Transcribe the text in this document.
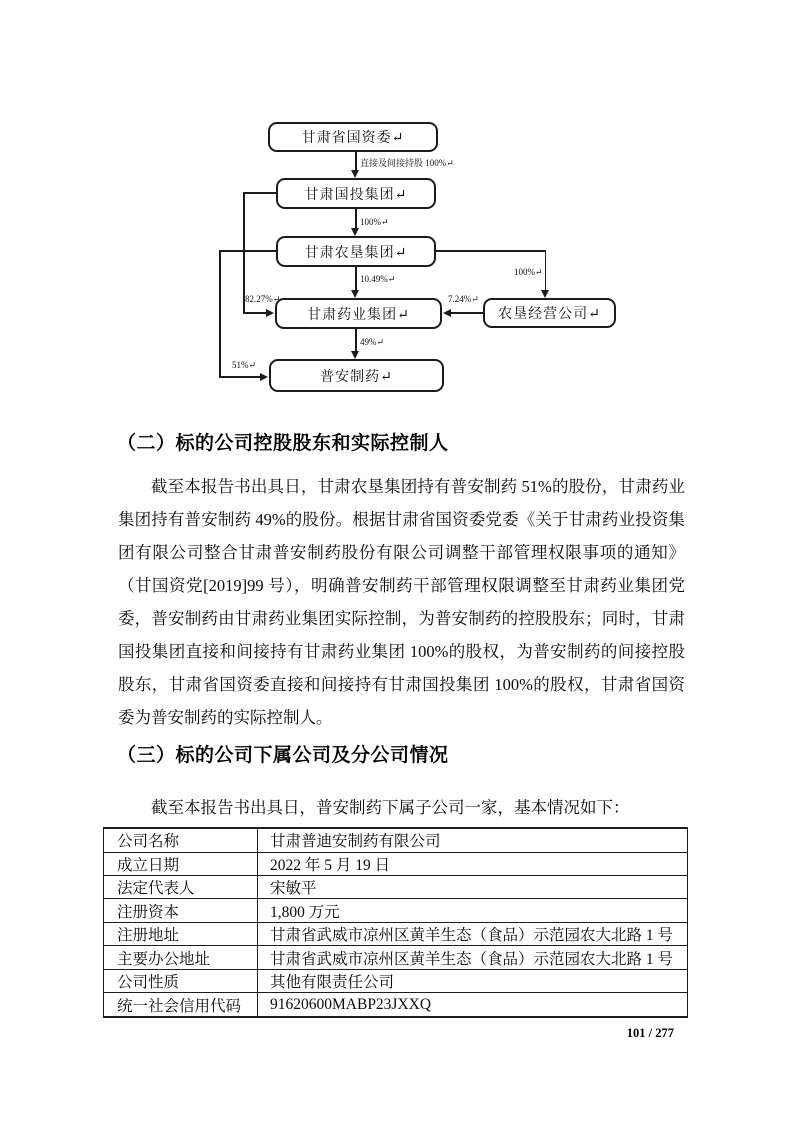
甘肃省国资委↵
甘肃国投集团↵
甘肃农垦集团↵
甘肃药业集团↵	农垦经营公司↵
普安制药↵
直接及间接持股 100%↵
100%↵
10.49%↵
49%↵
82.27%↵
51%↵
100%↵
7.24%↵
（二）标的公司控股股东和实际控制人
截至本报告书出具日，甘肃农垦集团持有普安制药 51%的股份，甘肃药业集团持有普安制药 49%的股份。根据甘肃省国资委党委《关于甘肃药业投资集团有限公司整合甘肃普安制药股份有限公司调整干部管理权限事项的通知》（甘国资党[2019]99 号），明确普安制药干部管理权限调整至甘肃药业集团党委，普安制药由甘肃药业集团实际控制，为普安制药的控股股东；同时，甘肃国投集团直接和间接持有甘肃药业集团 100%的股权，为普安制药的间接控股股东，甘肃省国资委直接和间接持有甘肃国投集团 100%的股权，甘肃省国资委为普安制药的实际控制人。
（三）标的公司下属公司及分公司情况
截至本报告书出具日，普安制药下属子公司一家，基本情况如下：
公司名称	甘肃普迪安制药有限公司
成立日期	2022 年 5 月 19 日
法定代表人	宋敏平
注册资本	1,800 万元
注册地址	甘肃省武威市凉州区黄羊生态（食品）示范园农大北路 1 号
主要办公地址	甘肃省武威市凉州区黄羊生态（食品）示范园农大北路 1 号
公司性质	其他有限责任公司
统一社会信用代码	91620600MABP23JXXQ
101 / 277
